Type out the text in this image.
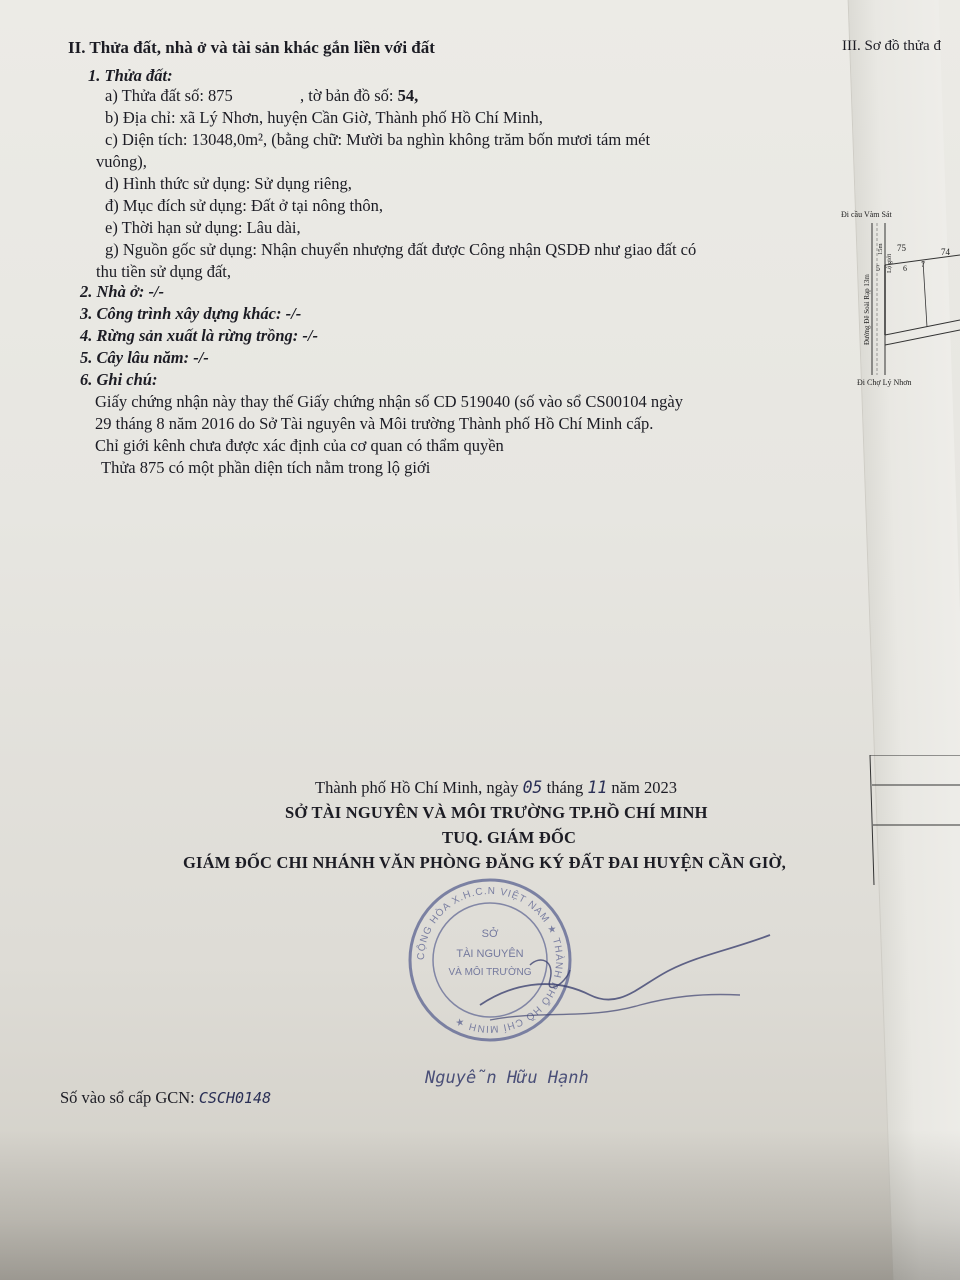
II. Thửa đất, nhà ở và tài sản khác gắn liền với đất
1. Thửa đất:
a) Thửa đất số: 875	, tờ bản đồ số: 54,
b) Địa chỉ: xã Lý Nhơn, huyện Cần Giờ, Thành phố Hồ Chí Minh,
c) Diện tích: 13048,0m², (bằng chữ: Mười ba nghìn không trăm bốn mươi tám mét
vuông),
d) Hình thức sử dụng: Sử dụng riêng,
đ) Mục đích sử dụng: Đất ở tại nông thôn,
e) Thời hạn sử dụng: Lâu dài,
g) Nguồn gốc sử dụng: Nhận chuyển nhượng đất được Công nhận QSDĐ như giao đất có
thu tiền sử dụng đất,
2. Nhà ở: -/-
3. Công trình xây dựng khác: -/-
4. Rừng sản xuất là rừng trồng: -/-
5. Cây lâu năm: -/-
6. Ghi chú:
Giấy chứng nhận này thay thế Giấy chứng nhận số CD 519040 (số vào sổ CS00104 ngày
29 tháng 8 năm 2016 do Sở Tài nguyên và Môi trường Thành phố Hồ Chí Minh cấp.
Chỉ giới kênh chưa được xác định của cơ quan có thẩm quyền
Thửa 875 có một phần diện tích nằm trong lộ giới
III. Sơ đồ thửa đ
Đi cầu Vàm Sát
Đi Chợ Lý Nhơn
Đường Đê Soài Rạp 13m
15m
Lộ giới
75	74
5	6 7
Thành phố Hồ Chí Minh, ngày 05 tháng 11 năm 2023
SỞ TÀI NGUYÊN VÀ MÔI TRƯỜNG TP.HỒ CHÍ MINH
TUQ. GIÁM ĐỐC
GIÁM ĐỐC CHI NHÁNH VĂN PHÒNG ĐĂNG KÝ ĐẤT ĐAI HUYỆN CẦN GIỜ,
CỘNG HÒA X.H.C.N VIỆT NAM ★ THÀNH PHỐ HỒ CHÍ MINH ★
SỞ
TÀI NGUYÊN
VÀ MÔI TRƯỜNG
Nguyễn Hữu Hạnh
Số vào sổ cấp GCN: CSCH0148
